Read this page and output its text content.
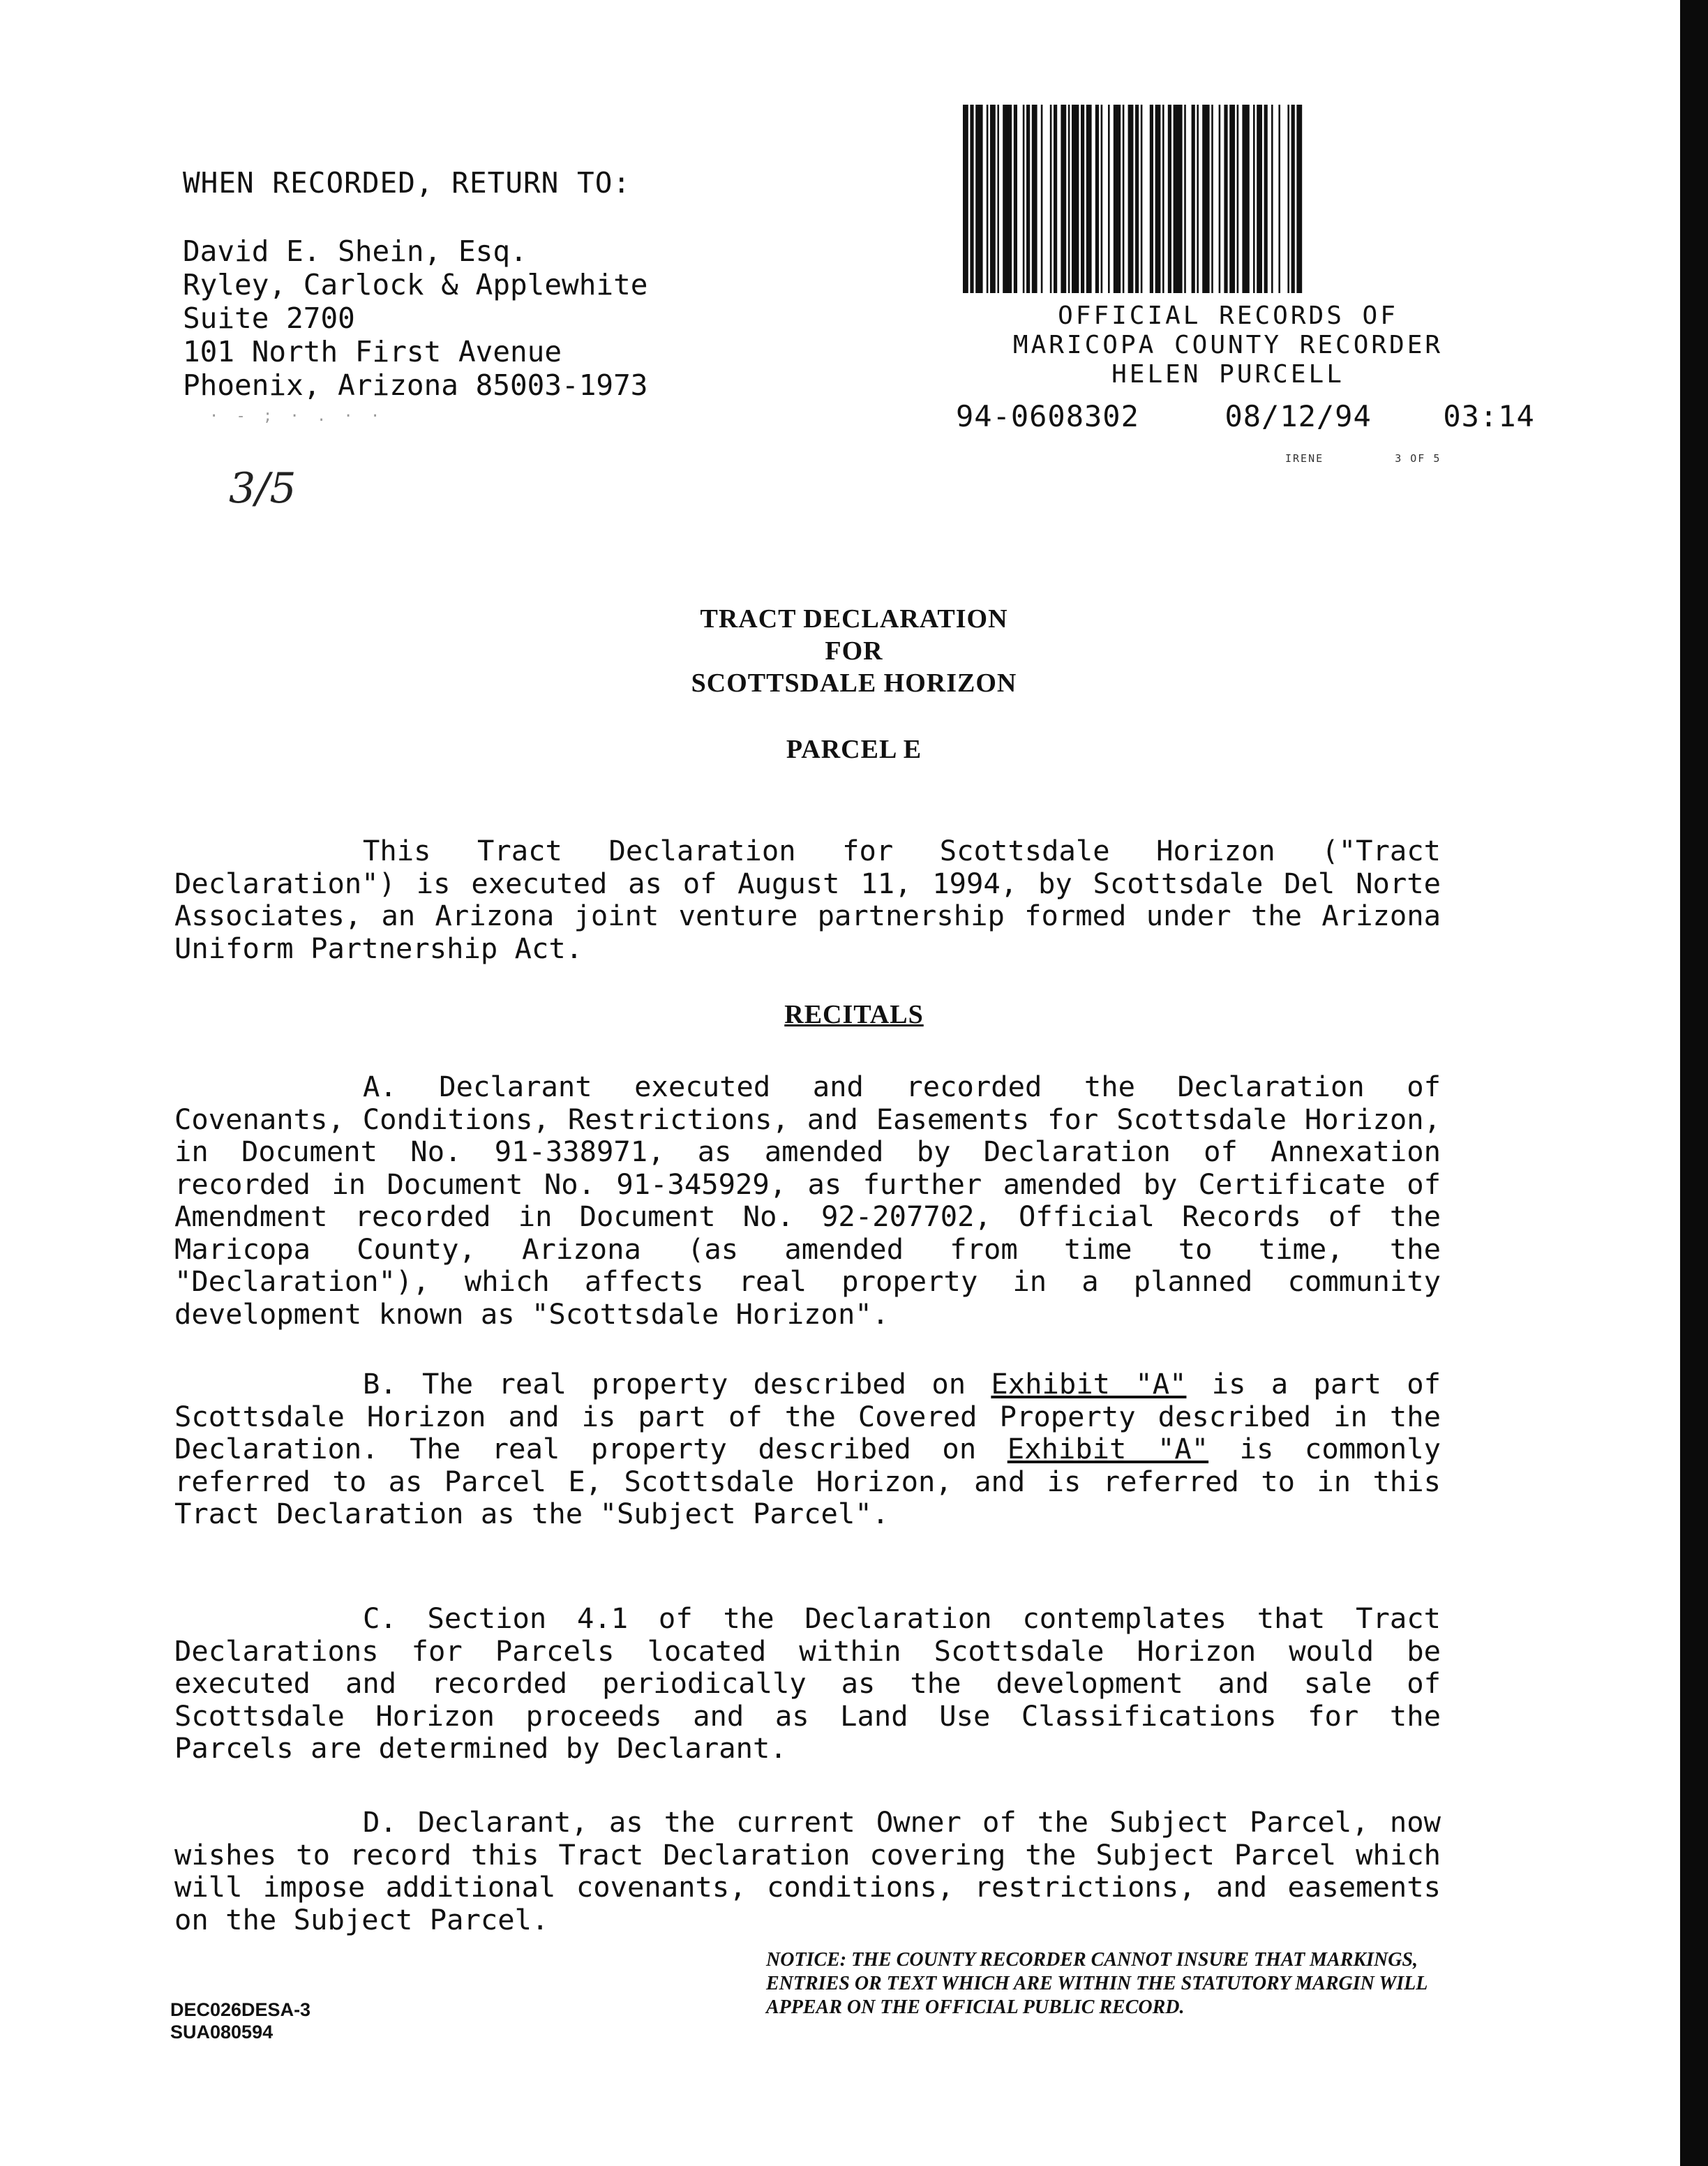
WHEN RECORDED, RETURN TO:
David E. Shein, Esq.
Ryley, Carlock & Applewhite
Suite 2700
101 North First Avenue
Phoenix, Arizona 85003-1973
· - ; · . · ·
3/5
OFFICIAL RECORDS OF
MARICOPA COUNTY RECORDER
HELEN PURCELL
94-0608302	08/12/94 03:14
IRENE	3 OF 5
TRACT DECLARATION
FOR
SCOTTSDALE HORIZON
PARCEL E

This Tract Declaration for Scottsdale Horizon ("Tract Declaration") is executed as of August 11, 1994, by Scottsdale Del Norte Associates, an Arizona joint venture partnership formed under the Arizona Uniform Partnership Act.

RECITALS

A. Declarant executed and recorded the Declaration of Covenants, Conditions, Restrictions, and Easements for Scottsdale Horizon, in Document No. 91-338971, as amended by Declaration of Annexation recorded in Document No. 91-345929, as further amended by Certificate of Amendment recorded in Document No. 92-207702, Official Records of the Maricopa County, Arizona (as amended from time to time, the "Declaration"), which affects real property in a planned community development known as "Scottsdale Horizon".

B. The real property described on Exhibit "A" is a part of Scottsdale Horizon and is part of the Covered Property described in the Declaration. The real property described on Exhibit "A" is commonly referred to as Parcel E, Scottsdale Horizon, and is referred to in this Tract Declaration as the "Subject Parcel".

C. Section 4.1 of the Declaration contemplates that Tract Declarations for Parcels located within Scottsdale Horizon would be executed and recorded periodically as the development and sale of Scottsdale Horizon proceeds and as Land Use Classifications for the Parcels are determined by Declarant.

D. Declarant, as the current Owner of the Subject Parcel, now wishes to record this Tract Declaration covering the Subject Parcel which will impose additional covenants, conditions, restrictions, and easements on the Subject Parcel.

NOTICE: THE COUNTY RECORDER CANNOT INSURE THAT MARKINGS, ENTRIES OR TEXT WHICH ARE WITHIN THE STATUTORY MARGIN WILL APPEAR ON THE OFFICIAL PUBLIC RECORD.
DEC026DESA-3
SUA080594
